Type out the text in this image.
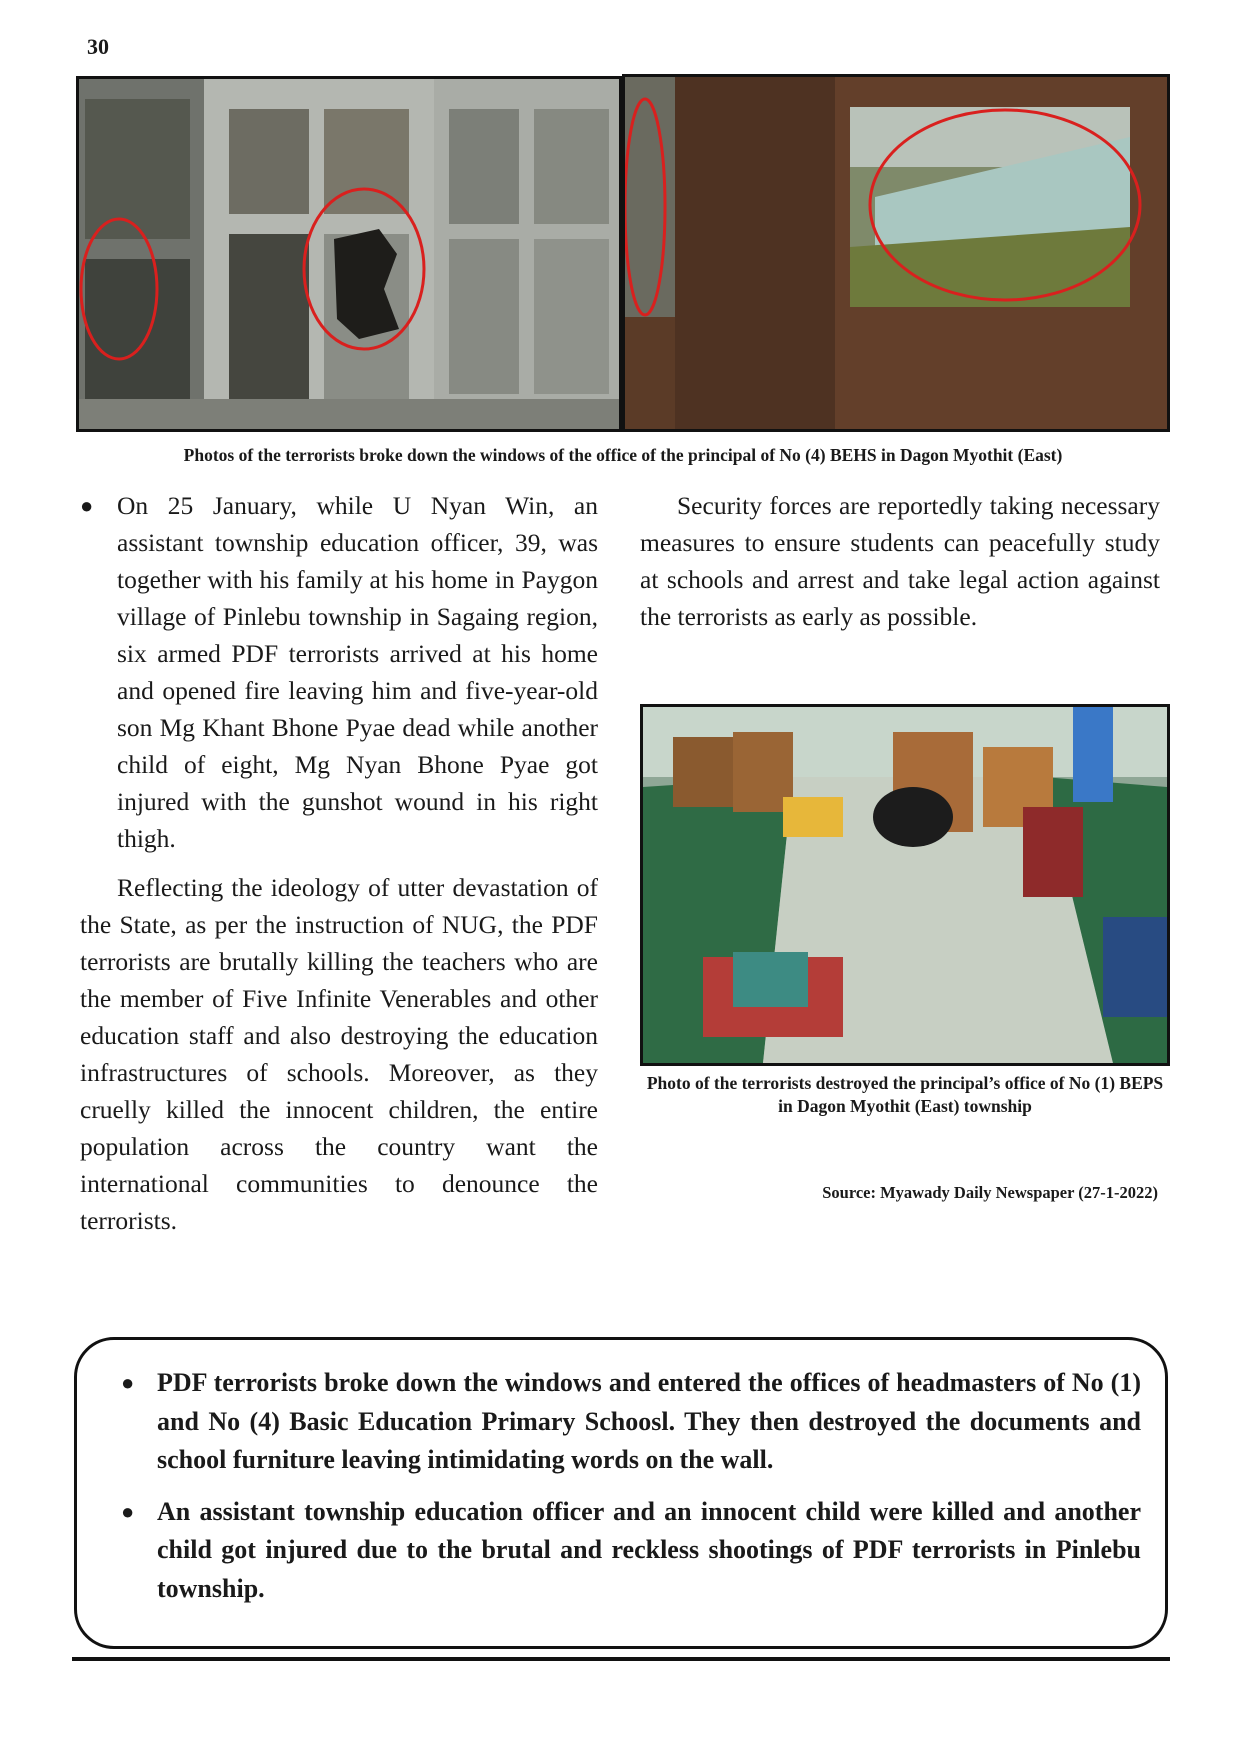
30
Photos of the terrorists broke down the windows of the office of the principal of No (4) BEHS in Dagon Myothit (East)

● On 25 January, while U Nyan Win, an assistant township education officer, 39, was together with his family at his home in Paygon village of Pinlebu township in Sagaing region, six armed PDF terrorists arrived at his home and opened fire leaving him and five-year-old son Mg Khant Bhone Pyae dead while another child of eight, Mg Nyan Bhone Pyae got injured with the gunshot wound in his right thigh.

Reflecting the ideology of utter devastation of the State, as per the instruction of NUG, the PDF terrorists are brutally killing the teachers who are the member of Five Infinite Venerables and other education staff and also destroying the education infrastructures of schools. Moreover, as they cruelly killed the innocent children, the entire population across the country want the international communities to denounce the terrorists.

Security forces are reportedly taking necessary measures to ensure students can peacefully study at schools and arrest and take legal action against the terrorists as early as possible.

Photo of the terrorists destroyed the principal’s office of No (1) BEPS in Dagon Myothit (East) township
Source: Myawady Daily Newspaper (27-1-2022)
● PDF terrorists broke down the windows and entered the offices of headmasters of No (1) and No (4) Basic Education Primary Schoosl. They then destroyed the documents and school furniture leaving intimidating words on the wall.
● An assistant township education officer and an innocent child were killed and another child got injured due to the brutal and reckless shootings of PDF terrorists in Pinlebu township.
